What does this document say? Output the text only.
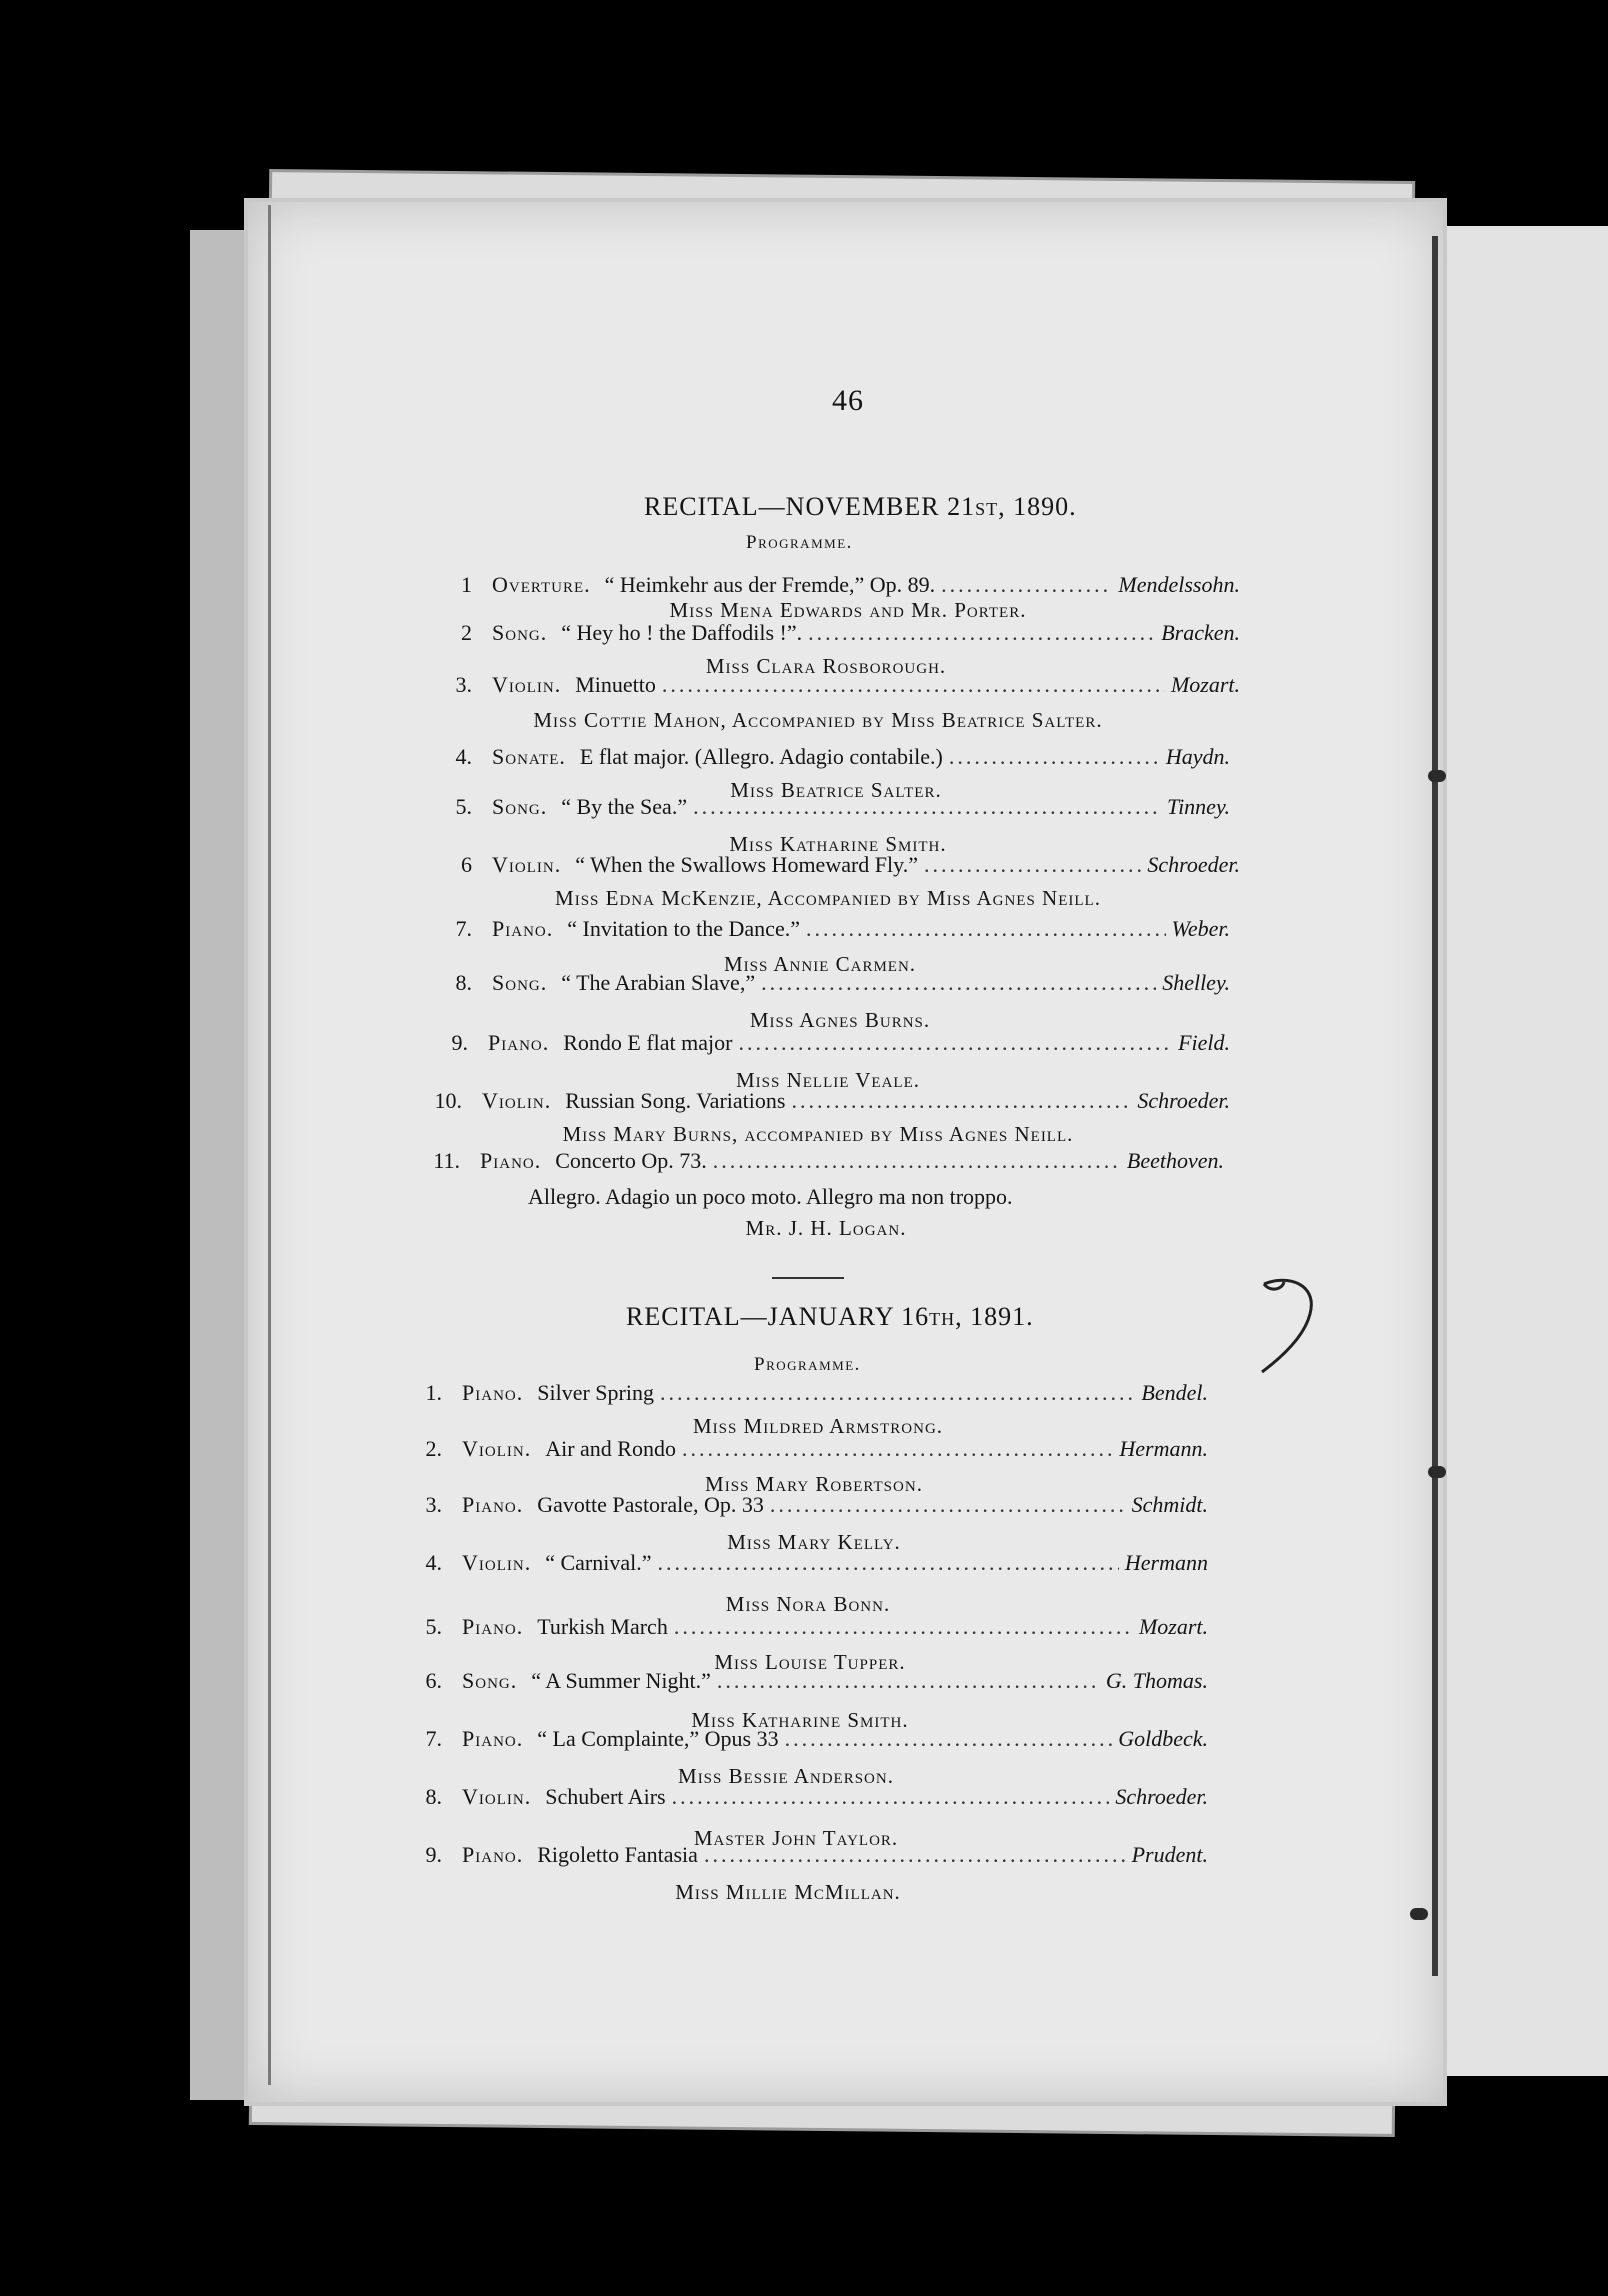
46
RECITAL—NOVEMBER 21st, 1890.
Programme.
1 Overture. “ Heimkehr aus der Fremde,” Op. 89. .....	Mendelssohn.
Miss Mena Edwards and Mr. Porter.
2 Song. “ Hey ho ! the Daffodils !”. .....	Bracken.
Miss Clara Rosborough.
3. Violin. Minuetto .....	Mozart.
Miss Cottie Mahon, Accompanied by Miss Beatrice Salter.
4. Sonate. E flat major. (Allegro. Adagio contabile.) .....	Haydn.
Miss Beatrice Salter.
5. Song. “ By the Sea.” .....	Tinney.
Miss Katharine Smith.
6 Violin. “ When the Swallows Homeward Fly.” .....	Schroeder.
Miss Edna McKenzie, Accompanied by Miss Agnes Neill.
7. Piano. “ Invitation to the Dance.” .....	Weber.
Miss Annie Carmen.
8. Song. “ The Arabian Slave,” .....	Shelley.
Miss Agnes Burns.
9. Piano. Rondo E flat major .....	Field.
Miss Nellie Veale.
10. Violin. Russian Song. Variations .....	Schroeder.
Miss Mary Burns, accompanied by Miss Agnes Neill.
11. Piano. Concerto Op. 73. .....	Beethoven.
Allegro. Adagio un poco moto. Allegro ma non troppo.
Mr. J. H. Logan.
RECITAL—JANUARY 16th, 1891.
Programme.
1. Piano. Silver Spring .....	Bendel.
Miss Mildred Armstrong.
2. Violin. Air and Rondo .....	Hermann.
Miss Mary Robertson.
3. Piano. Gavotte Pastorale, Op. 33 .....	Schmidt.
Miss Mary Kelly.
4. Violin. “ Carnival.” .....	Hermann
Miss Nora Bonn.
5. Piano. Turkish March .....	Mozart.
Miss Louise Tupper.
6. Song. “ A Summer Night.” .....	G. Thomas.
Miss Katharine Smith.
7. Piano. “ La Complainte,” Opus 33 .....	Goldbeck.
Miss Bessie Anderson.
8. Violin. Schubert Airs .....	Schroeder.
Master John Taylor.
9. Piano. Rigoletto Fantasia .....	Prudent.
Miss Millie McMillan.
